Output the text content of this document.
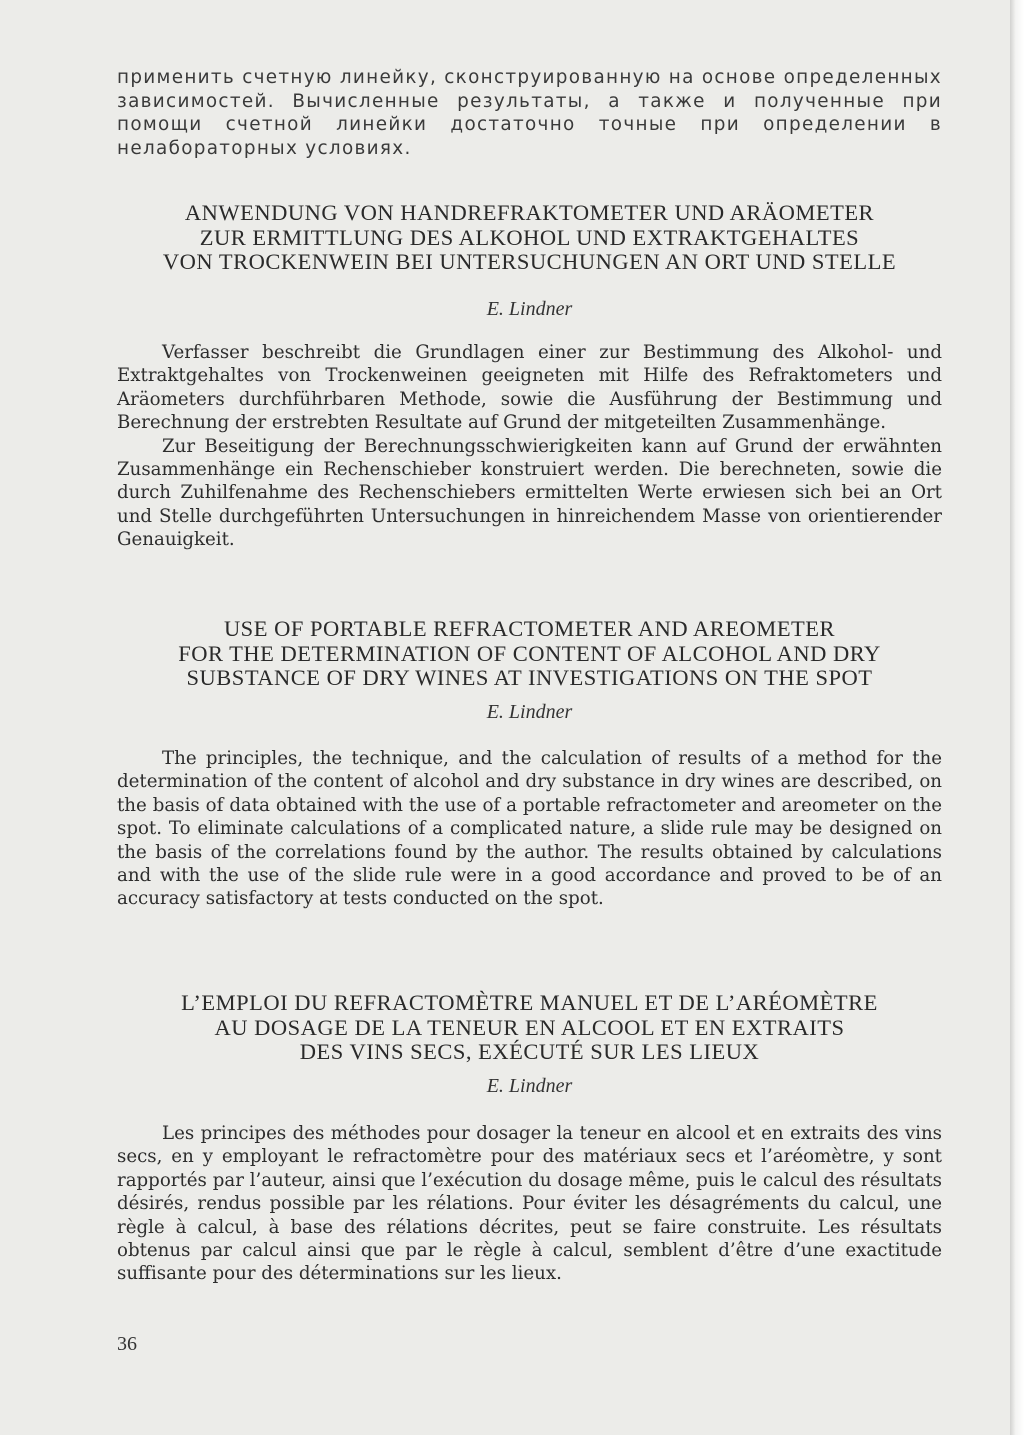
применить счетную линейку, сконструированную на основе определенных зависимостей. Вычисленные результаты, а также и полученные при помощи счетной линейки достаточно точные при определении в нелабораторных условиях.
ANWENDUNG VON HANDREFRAKTOMETER UND ARÄOMETER
ZUR ERMITTLUNG DES ALKOHOL UND EXTRAKTGEHALTES
VON TROCKENWEIN BEI UNTERSUCHUNGEN AN ORT UND STELLE
E. Lindner

Verfasser beschreibt die Grundlagen einer zur Bestimmung des Alkohol- und Extraktgehaltes von Trockenweinen geeigneten mit Hilfe des Refraktometers und Aräometers durchführbaren Methode, sowie die Ausführung der Bestimmung und Berechnung der erstrebten Resultate auf Grund der mitgeteilten Zusammenhänge.

Zur Beseitigung der Berechnungsschwierigkeiten kann auf Grund der erwähnten Zusammenhänge ein Rechenschieber konstruiert werden. Die berechneten, sowie die durch Zuhilfenahme des Rechenschiebers ermittelten Werte erwiesen sich bei an Ort und Stelle durchgeführten Untersuchungen in hinreichendem Masse von orientierender Genauigkeit.

USE OF PORTABLE REFRACTOMETER AND AREOMETER
FOR THE DETERMINATION OF CONTENT OF ALCOHOL AND DRY
SUBSTANCE OF DRY WINES AT INVESTIGATIONS ON THE SPOT
E. Lindner

The principles, the technique, and the calculation of results of a method for the determination of the content of alcohol and dry substance in dry wines are described, on the basis of data obtained with the use of a portable refractometer and areometer on the spot. To eliminate calculations of a complicated nature, a slide rule may be designed on the basis of the correlations found by the author. The results obtained by calculations and with the use of the slide rule were in a good accordance and proved to be of an accuracy satisfactory at tests conducted on the spot.

L’EMPLOI DU REFRACTOMÈTRE MANUEL ET DE L’ARÉOMÈTRE
AU DOSAGE DE LA TENEUR EN ALCOOL ET EN EXTRAITS
DES VINS SECS, EXÉCUTÉ SUR LES LIEUX
E. Lindner

Les principes des méthodes pour dosager la teneur en alcool et en extraits des vins secs, en y employant le refractomètre pour des matériaux secs et l’aréomètre, y sont rapportés par l’auteur, ainsi que l’exécution du dosage même, puis le calcul des résultats désirés, rendus possible par les rélations. Pour éviter les désagréments du calcul, une règle à calcul, à base des rélations décrites, peut se faire construite. Les résultats obtenus par calcul ainsi que par le règle à calcul, semblent d’être d’une exactitude suffisante pour des déterminations sur les lieux.

36
